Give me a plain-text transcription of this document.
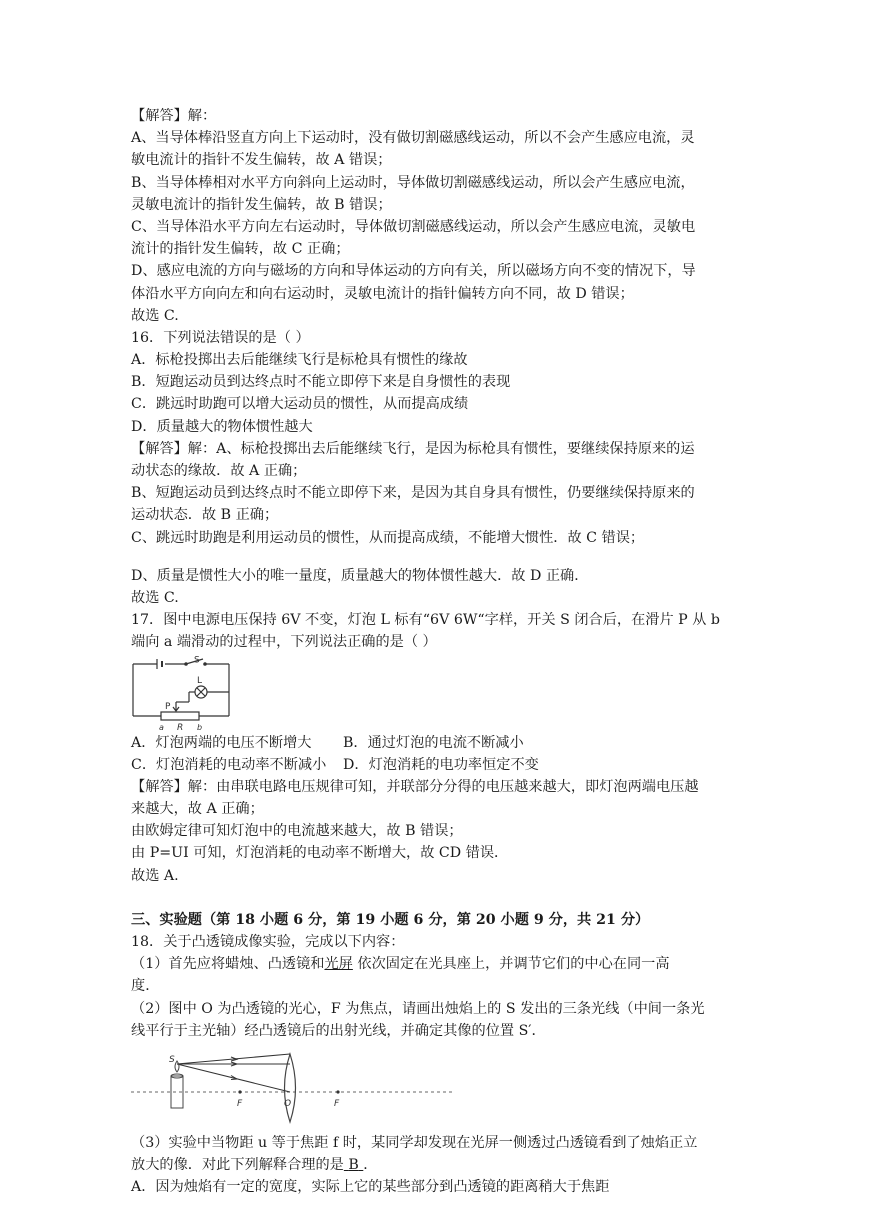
【解答】解：
A、当导体棒沿竖直方向上下运动时，没有做切割磁感线运动，所以不会产生感应电流，灵
敏电流计的指针不发生偏转，故 A 错误；
B、当导体棒相对水平方向斜向上运动时，导体做切割磁感线运动，所以会产生感应电流，
灵敏电流计的指针发生偏转，故 B 错误；
C、当导体沿水平方向左右运动时，导体做切割磁感线运动，所以会产生感应电流，灵敏电
流计的指针发生偏转，故 C 正确；
D、感应电流的方向与磁场的方向和导体运动的方向有关，所以磁场方向不变的情况下，导
体沿水平方向向左和向右运动时，灵敏电流计的指针偏转方向不同，故 D 错误；
故选 C.
16．下列说法错误的是（ ）
A．标枪投掷出去后能继续飞行是标枪具有惯性的缘故
B．短跑运动员到达终点时不能立即停下来是自身惯性的表现
C．跳远时助跑可以增大运动员的惯性，从而提高成绩
D．质量越大的物体惯性越大
【解答】解：A、标枪投掷出去后能继续飞行，是因为标枪具有惯性，要继续保持原来的运
动状态的缘故．故 A 正确；
B、短跑运动员到达终点时不能立即停下来，是因为其自身具有惯性，仍要继续保持原来的
运动状态．故 B 正确；
C、跳远时助跑是利用运动员的惯性，从而提高成绩，不能增大惯性．故 C 错误；
D、质量是惯性大小的唯一量度，质量越大的物体惯性越大．故 D 正确．
故选 C.
17．图中电源电压保持 6V 不变，灯泡 L 标有“6V 6W“字样，开关 S 闭合后，在滑片 P 从 b
端向 a 端滑动的过程中，下列说法正确的是（ ）
S
L
P
a R b
A．灯泡两端的电压不断增大 B．通过灯泡的电流不断减小
C．灯泡消耗的电动率不断减小 D．灯泡消耗的电功率恒定不变
【解答】解：由串联电路电压规律可知，并联部分分得的电压越来越大，即灯泡两端电压越
来越大，故 A 正确；
由欧姆定律可知灯泡中的电流越来越大，故 B 错误；
由 P=UI 可知，灯泡消耗的电动率不断增大，故 CD 错误．
故选 A.
三、实验题（第 18 小题 6 分，第 19 小题 6 分，第 20 小题 9 分，共 21 分）
18．关于凸透镜成像实验，完成以下内容：
（1）首先应将蜡烛、凸透镜和光屏 依次固定在光具座上，并调节它们的中心在同一高
度．
（2）图中 O 为凸透镜的光心，F 为焦点，请画出烛焰上的 S 发出的三条光线（中间一条光
线平行于主光轴）经凸透镜后的出射光线，并确定其像的位置 S′．
S
F	O	F
（3）实验中当物距 u 等于焦距 f 时，某同学却发现在光屏一侧透过凸透镜看到了烛焰正立
放大的像．对此下列解释合理的是 B ．
A．因为烛焰有一定的宽度，实际上它的某些部分到凸透镜的距离稍大于焦距
